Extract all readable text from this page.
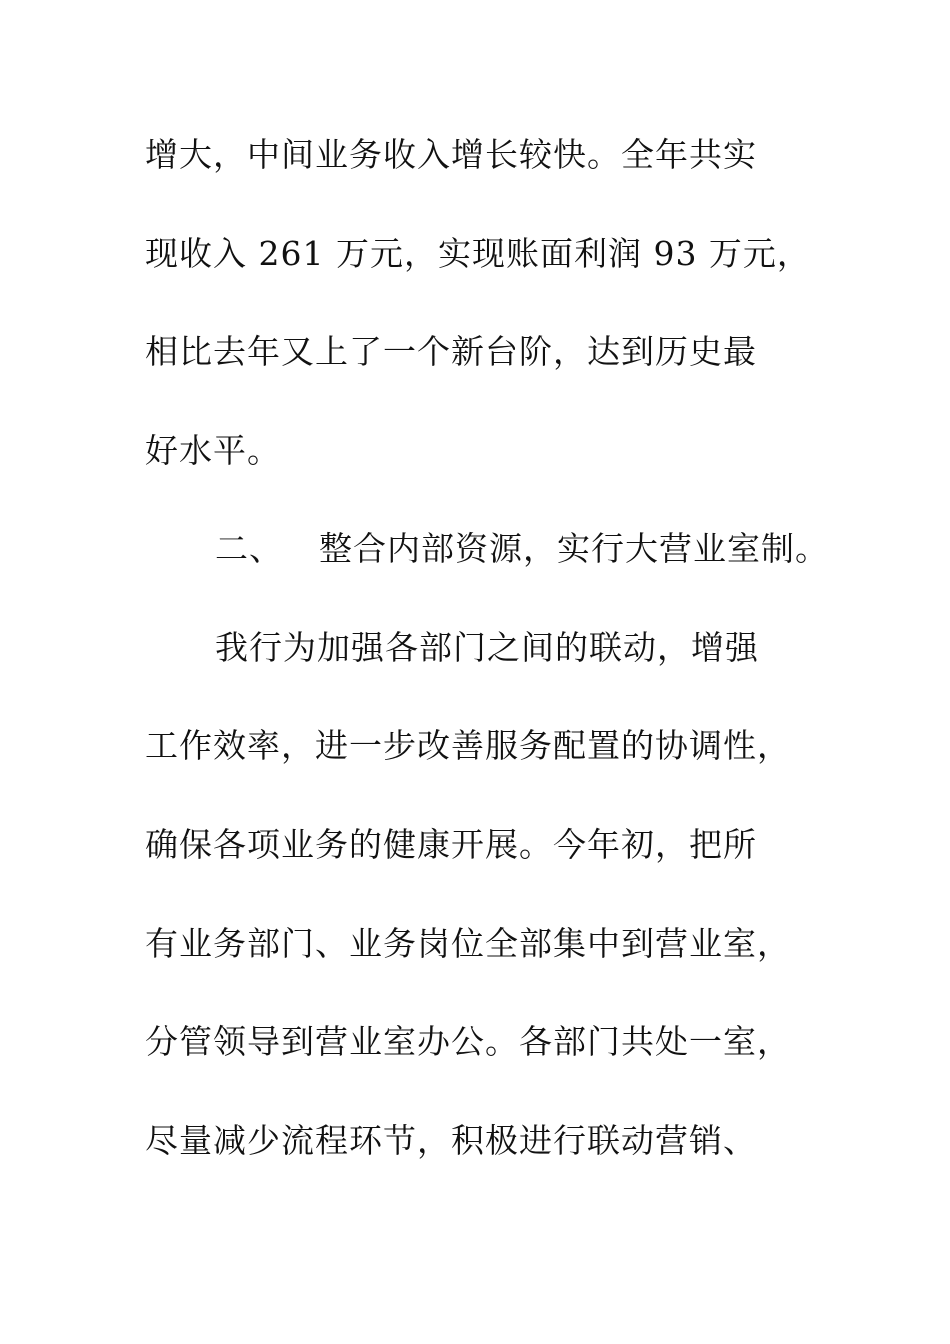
增大，中间业务收入增长较快。全年共实
现收入 261 万元，实现账面利润 93 万元，
相比去年又上了一个新台阶，达到历史最
好水平。
二、 整合内部资源，实行大营业室制。
我行为加强各部门之间的联动，增强
工作效率，进一步改善服务配置的协调性，
确保各项业务的健康开展。今年初，把所
有业务部门、业务岗位全部集中到营业室，
分管领导到营业室办公。各部门共处一室，
尽量减少流程环节，积极进行联动营销、
